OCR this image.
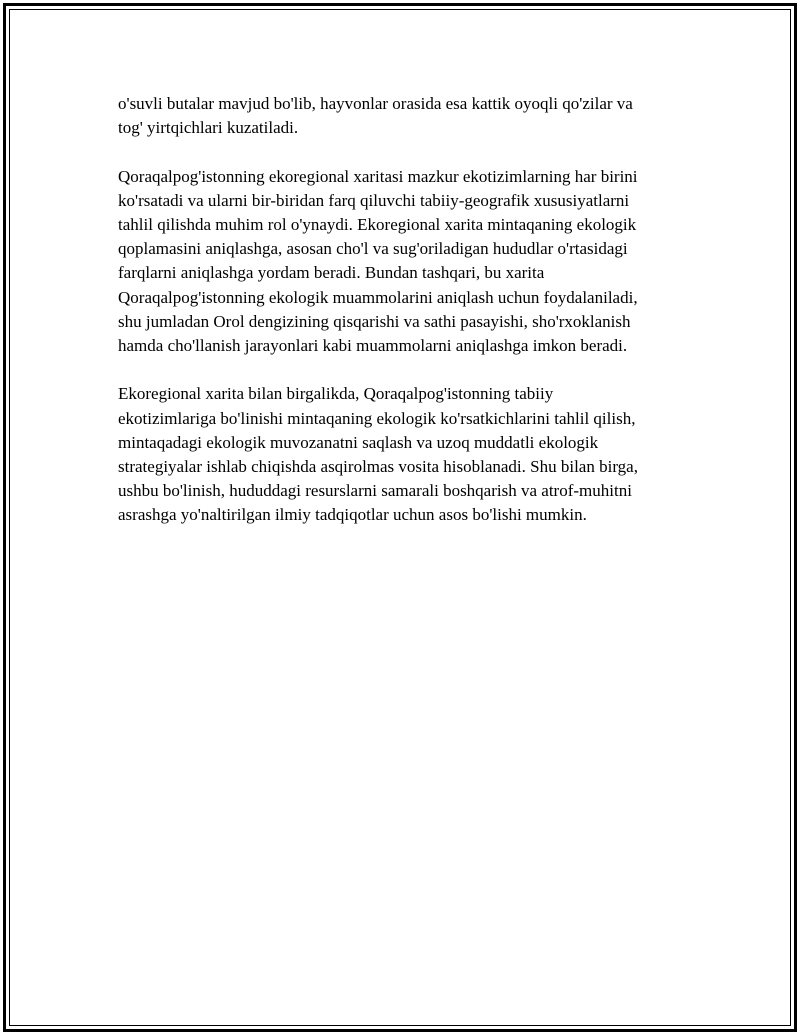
o'suvli butalar mavjud bo'lib, hayvonlar orasida esa kattik oyoqli qo'zilar va
tog' yirtqichlari kuzatiladi.

Qoraqalpog'istonning ekoregional xaritasi mazkur ekotizimlarning har birini
ko'rsatadi va ularni bir-biridan farq qiluvchi tabiiy-geografik xususiyatlarni
tahlil qilishda muhim rol o'ynaydi. Ekoregional xarita mintaqaning ekologik
qoplamasini aniqlashga, asosan cho'l va sug'oriladigan hududlar o'rtasidagi
farqlarni aniqlashga yordam beradi. Bundan tashqari, bu xarita
Qoraqalpog'istonning ekologik muammolarini aniqlash uchun foydalaniladi,
shu jumladan Orol dengizining qisqarishi va sathi pasayishi, sho'rxoklanish
hamda cho'llanish jarayonlari kabi muammolarni aniqlashga imkon beradi.

Ekoregional xarita bilan birgalikda, Qoraqalpog'istonning tabiiy
ekotizimlariga bo'linishi mintaqaning ekologik ko'rsatkichlarini tahlil qilish,
mintaqadagi ekologik muvozanatni saqlash va uzoq muddatli ekologik
strategiyalar ishlab chiqishda asqirolmas vosita hisoblanadi. Shu bilan birga,
ushbu bo'linish, hududdagi resurslarni samarali boshqarish va atrof-muhitni
asrashga yo'naltirilgan ilmiy tadqiqotlar uchun asos bo'lishi mumkin.
